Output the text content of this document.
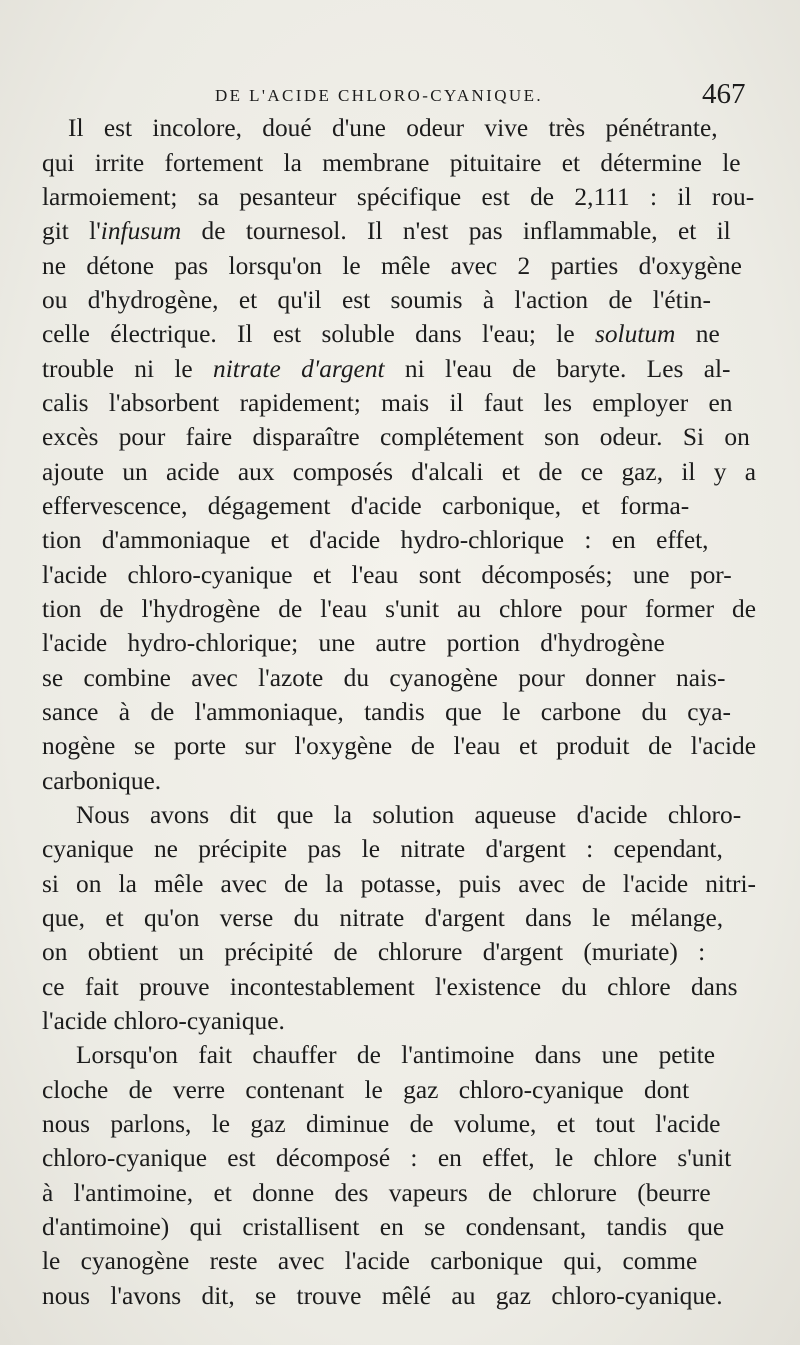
DE L'ACIDE CHLORO-CYANIQUE.	467
Il est incolore, doué d'une odeur vive très pénétrante,
qui irrite fortement la membrane pituitaire et détermine le
larmoiement; sa pesanteur spécifique est de 2,111 : il rou-
git l'infusum de tournesol. Il n'est pas inflammable, et il
ne détone pas lorsqu'on le mêle avec 2 parties d'oxygène
ou d'hydrogène, et qu'il est soumis à l'action de l'étin-
celle électrique. Il est soluble dans l'eau; le solutum ne
trouble ni le nitrate d'argent ni l'eau de baryte. Les al-
calis l'absorbent rapidement; mais il faut les employer en
excès pour faire disparaître complétement son odeur. Si on
ajoute un acide aux composés d'alcali et de ce gaz, il y a
effervescence, dégagement d'acide carbonique, et forma-
tion d'ammoniaque et d'acide hydro-chlorique : en effet,
l'acide chloro-cyanique et l'eau sont décomposés; une por-
tion de l'hydrogène de l'eau s'unit au chlore pour former de
l'acide hydro-chlorique; une autre portion d'hydrogène
se combine avec l'azote du cyanogène pour donner nais-
sance à de l'ammoniaque, tandis que le carbone du cya-
nogène se porte sur l'oxygène de l'eau et produit de l'acide
carbonique.
Nous avons dit que la solution aqueuse d'acide chloro-
cyanique ne précipite pas le nitrate d'argent : cependant,
si on la mêle avec de la potasse, puis avec de l'acide nitri-
que, et qu'on verse du nitrate d'argent dans le mélange,
on obtient un précipité de chlorure d'argent (muriate) :
ce fait prouve incontestablement l'existence du chlore dans
l'acide chloro-cyanique.
Lorsqu'on fait chauffer de l'antimoine dans une petite
cloche de verre contenant le gaz chloro-cyanique dont
nous parlons, le gaz diminue de volume, et tout l'acide
chloro-cyanique est décomposé : en effet, le chlore s'unit
à l'antimoine, et donne des vapeurs de chlorure (beurre
d'antimoine) qui cristallisent en se condensant, tandis que
le cyanogène reste avec l'acide carbonique qui, comme
nous l'avons dit, se trouve mêlé au gaz chloro-cyanique.
